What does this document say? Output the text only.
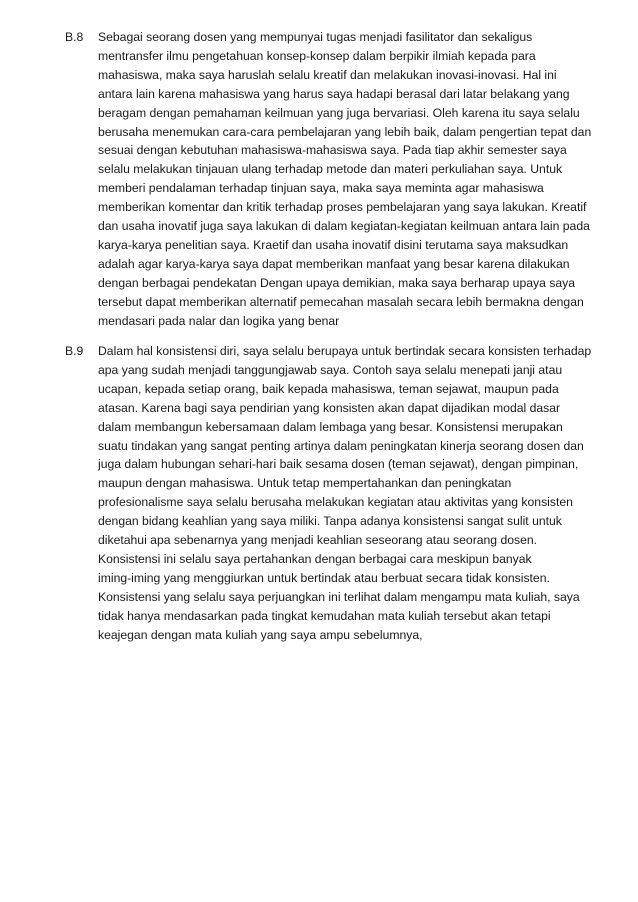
B.8 Sebagai seorang dosen yang mempunyai tugas menjadi fasilitator dan sekaligus
mentransfer ilmu pengetahuan konsep-konsep dalam berpikir ilmiah kepada para
mahasiswa, maka saya haruslah selalu kreatif dan melakukan inovasi-inovasi. Hal ini
antara lain karena mahasiswa yang harus saya hadapi berasal dari latar belakang yang
beragam dengan pemahaman keilmuan yang juga bervariasi. Oleh karena itu saya selalu
berusaha menemukan cara-cara pembelajaran yang lebih baik, dalam pengertian tepat dan
sesuai dengan kebutuhan mahasiswa-mahasiswa saya. Pada tiap akhir semester saya
selalu melakukan tinjauan ulang terhadap metode dan materi perkuliahan saya. Untuk
memberi pendalaman terhadap tinjuan saya, maka saya meminta agar mahasiswa
memberikan komentar dan kritik terhadap proses pembelajaran yang saya lakukan. Kreatif
dan usaha inovatif juga saya lakukan di dalam kegiatan-kegiatan keilmuan antara lain pada
karya-karya penelitian saya. Kraetif dan usaha inovatif disini terutama saya maksudkan
adalah agar karya-karya saya dapat memberikan manfaat yang besar karena dilakukan
dengan berbagai pendekatan Dengan upaya demikian, maka saya berharap upaya saya
tersebut dapat memberikan alternatif pemecahan masalah secara lebih bermakna dengan
mendasari pada nalar dan logika yang benar
B.9 Dalam hal konsistensi diri, saya selalu berupaya untuk bertindak secara konsisten terhadap
apa yang sudah menjadi tanggungjawab saya. Contoh saya selalu menepati janji atau
ucapan, kepada setiap orang, baik kepada mahasiswa, teman sejawat, maupun pada
atasan. Karena bagi saya pendirian yang konsisten akan dapat dijadikan modal dasar
dalam membangun kebersamaan dalam lembaga yang besar. Konsistensi merupakan
suatu tindakan yang sangat penting artinya dalam peningkatan kinerja seorang dosen dan
juga dalam hubungan sehari-hari baik sesama dosen (teman sejawat), dengan pimpinan,
maupun dengan mahasiswa. Untuk tetap mempertahankan dan peningkatan
profesionalisme saya selalu berusaha melakukan kegiatan atau aktivitas yang konsisten
dengan bidang keahlian yang saya miliki. Tanpa adanya konsistensi sangat sulit untuk
diketahui apa sebenarnya yang menjadi keahlian seseorang atau seorang dosen.
Konsistensi ini selalu saya pertahankan dengan berbagai cara meskipun banyak
iming-iming yang menggiurkan untuk bertindak atau berbuat secara tidak konsisten.
Konsistensi yang selalu saya perjuangkan ini terlihat dalam mengampu mata kuliah, saya
tidak hanya mendasarkan pada tingkat kemudahan mata kuliah tersebut akan tetapi
keajegan dengan mata kuliah yang saya ampu sebelumnya,
